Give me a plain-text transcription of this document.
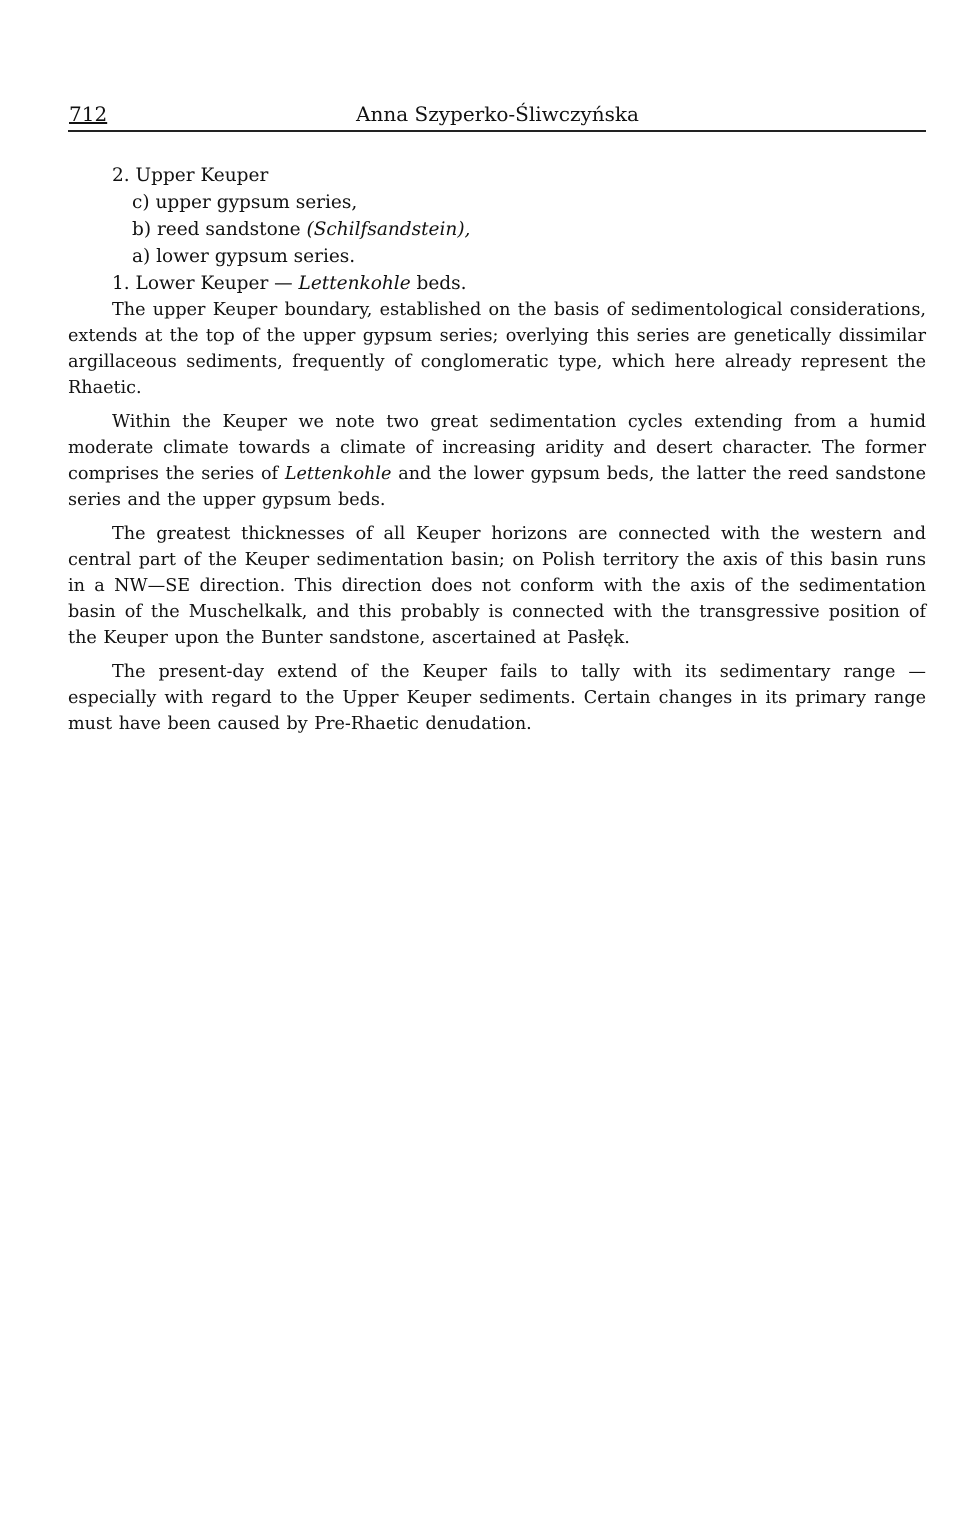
712	Anna Szyperko-Śliwczyńska
2. Upper Keuper
c) upper gypsum series,
b) reed sandstone (Schilfsandstein),
a) lower gypsum series.
1. Lower Keuper — Lettenkohle beds.

The upper Keuper boundary, established on the basis of sedimentological considerations, extends at the top of the upper gypsum series; overlying this series are genetically dissimilar argillaceous sediments, frequently of conglomeratic type, which here already represent the Rhaetic.

Within the Keuper we note two great sedimentation cycles extending from a humid moderate climate towards a climate of increasing aridity and desert character. The former comprises the series of Lettenkohle and the lower gypsum beds, the latter the reed sandstone series and the upper gypsum beds.

The greatest thicknesses of all Keuper horizons are connected with the western and central part of the Keuper sedimentation basin; on Polish territory the axis of this basin runs in a NW—SE direction. This direction does not conform with the axis of the sedimentation basin of the Muschelkalk, and this probably is connected with the transgressive position of the Keuper upon the Bunter sandstone, ascertained at Pasłęk.

The present-day extend of the Keuper fails to tally with its sedimentary range — especially with regard to the Upper Keuper sediments. Certain changes in its primary range must have been caused by Pre-Rhaetic denudation.
